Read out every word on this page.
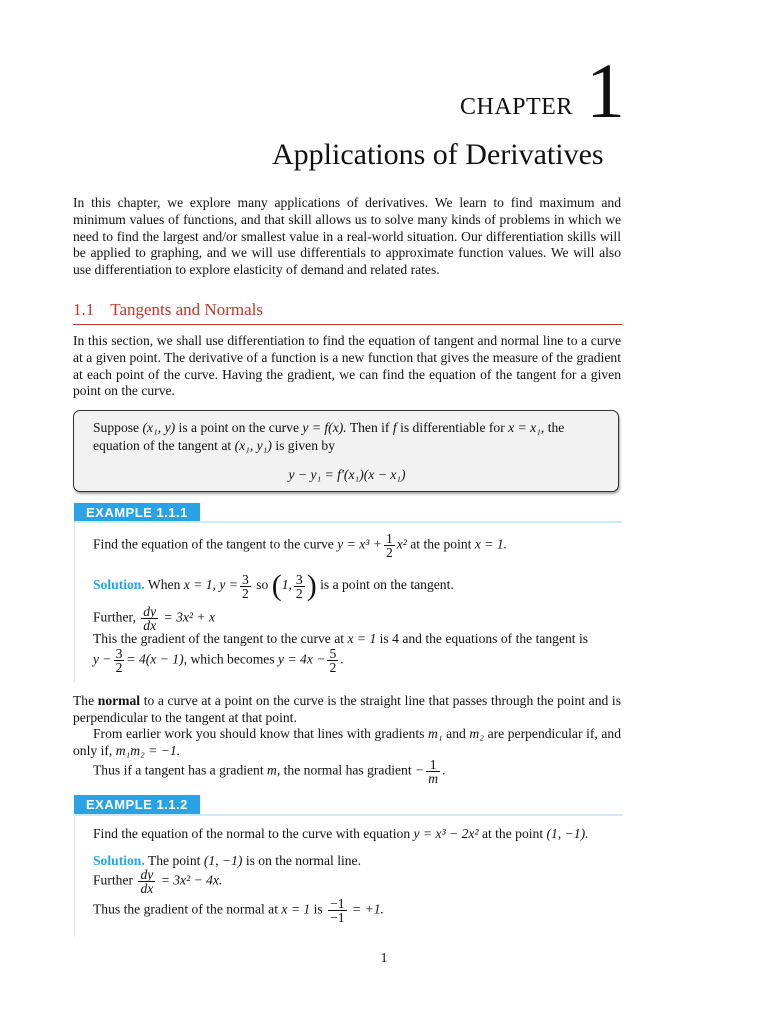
CHAPTER 1
Applications of Derivatives

In this chapter, we explore many applications of derivatives. We learn to find maximum and minimum values of functions, and that skill allows us to solve many kinds of problems in which we need to find the largest and/or smallest value in a real-world situation. Our differentiation skills will be applied to graphing, and we will use differentials to approximate function values. We will also use differentiation to explore elasticity of demand and related rates.

1.1 Tangents and Normals

In this section, we shall use differentiation to find the equation of tangent and normal line to a curve at a given point. The derivative of a function is a new function that gives the measure of the gradient at each point of the curve. Having the gradient, we can find the equation of the tangent for a given point on the curve.

Suppose (x₁, y) is a point on the curve y = f(x). Then if f is differentiable for x = x₁, the equation of the tangent at (x₁, y₁) is given by
y − y₁ = f′(x₁)(x − x₁)
EXAMPLE 1.1.1
Find the equation of the tangent to the curve $y = x^3 + \frac{1}{2} x^2$ at the point x = 1.
Solution. When x = 1, $y = \frac{3}{2}$ so (1, $\frac{3}{2}$ ) is a point on the tangent.
Further, $\frac{dy}{dx} = 3x^2 + x$
This the gradient of the tangent to the curve at x = 1 is 4 and the equations of the tangent is
$y - \frac{3}{2} = 4(x - 1)$, which becomes $y = 4x - \frac{5}{2}$ .

The normal to a curve at a point on the curve is the straight line that passes through the point and is perpendicular to the tangent at that point.

From earlier work you should know that lines with gradients m₁ and m₂ are perpendicular if, and only if, m₁m₂ = −1.

Thus if a tangent has a gradient m, the normal has gradient − $\frac{1}{m}$ .
EXAMPLE 1.1.2
Find the equation of the normal to the curve with equation y = x³ − 2x² at the point (1, −1).
Solution. The point (1, −1) is on the normal line.
Further $\frac{dy}{dx} = 3x^2 - 4x$.
Thus the gradient of the normal at x = 1 is $\frac{-1}{-1} = +1$.
1
